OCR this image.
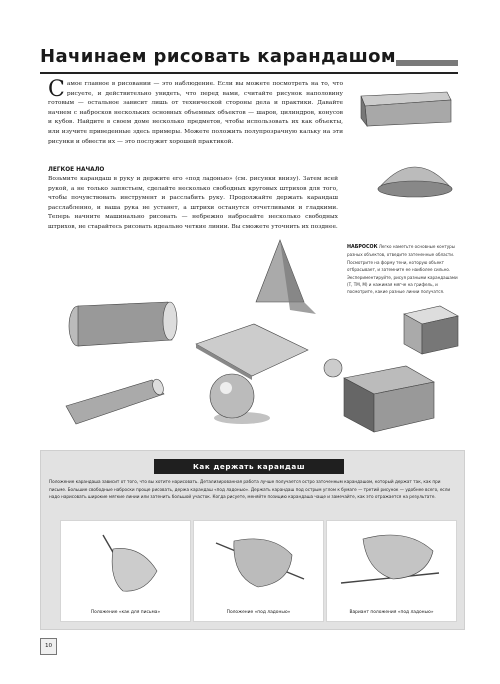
Начинаем рисовать карандашом

Самое главное в рисовании — это наблюдение. Если вы можете посмотреть на то, что рисуете, и действительно увидеть, что перед вами, считайте рисунок наполовину готовым — остальное зависит лишь от технической стороны дела и практики. Давайте начнем с набросков нескольких основных объемных объектов — шаров, цилиндров, конусов и кубов. Найдите в своем доме несколько предметов, чтобы использовать их как объекты, или изучите приведенные здесь примеры. Можете положить полупрозрачную кальку на эти рисунки и обвести их — это послужит хорошей практикой.

ЛЕГКОЕ НАЧАЛО

Возьмите карандаш в руку и держите его «под ладонью» (см. рисунки внизу). Затем всей рукой, а не только запястьем, сделайте несколько свободных круговых штрихов для того, чтобы почувствовать инструмент и расслабить руку. Продолжайте держать карандаш расслабленно, и ваша рука не устанет, а штрихи останутся отчетливыми и гладкими. Теперь начните машинально рисовать — небрежно набросайте несколько свободных штрихов, не старайтесь рисовать идеально четкие линии. Вы сможете уточнить их позднее.

НАБРОСОК Легко наметьте основные контуры разных объектов, отведите затененные области. Посмотрите на форму тени, которую объект отбрасывает, и затемните ее наиболее сильно. Экспериментируйте, рисуя разными карандашами (Т, ТМ, М) и нажимая мягче на грифель, и посмотрите, какие разные линии получатся.

Как держать карандаш

Положение карандаша зависит от того, что вы хотите нарисовать. Детализированная работа лучше получается остро заточенным карандашом, который держат так, как при письме. Большие свободные наброски проще рисовать, держа карандаш «под ладонью». Держать карандаш под острым углом к бумаге — третий рисунок — удобнее всего, если надо нарисовать широкие мягкие линии или затенить большой участок. Когда рисуете, меняйте позицию карандаша чаще и замечайте, как это отражается на результате.

Положение «как для письма»	Положение «под ладонью»	Вариант положения «под ладонью»
10
